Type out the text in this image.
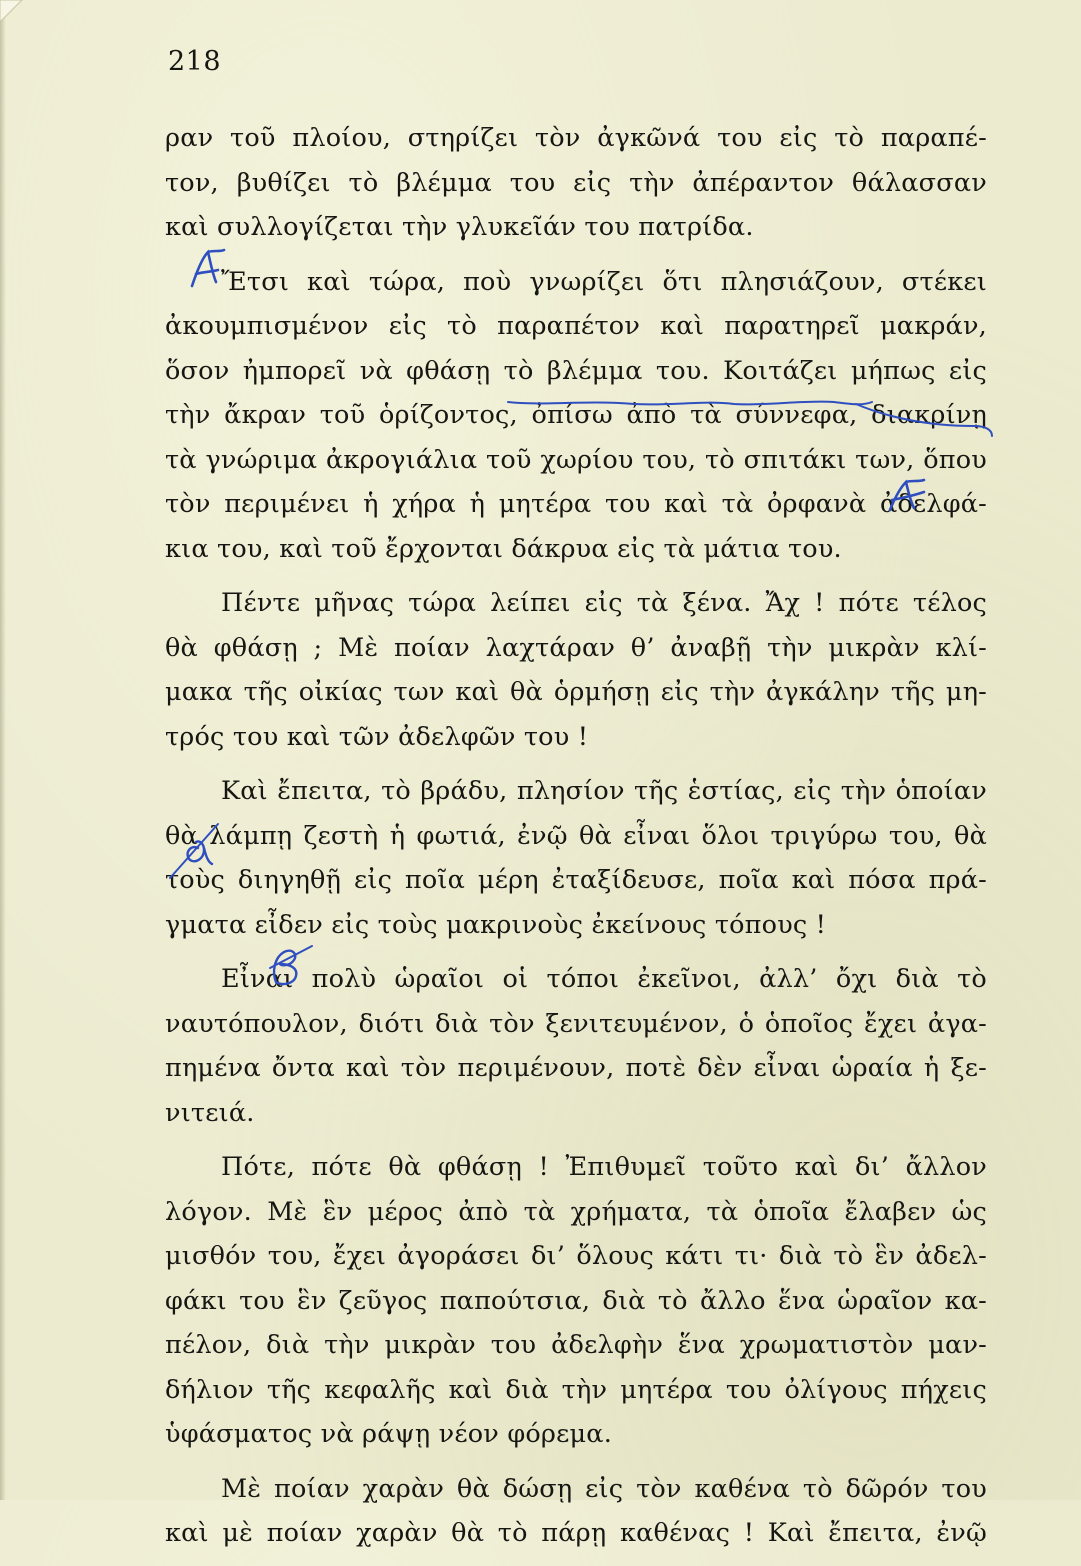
218
ραν τοῦ πλοίου, στηρίζει τὸν ἀγκῶνά του εἰς τὸ παραπέ-
τον, βυθίζει τὸ βλέμμα του εἰς τὴν ἀπέραντον θάλασσαν
καὶ συλλογίζεται τὴν γλυκεῖάν του πατρίδα.
Ἔτσι καὶ τώρα, ποὺ γνωρίζει ὅτι πλησιάζουν, στέκει
ἀκουμπισμένον εἰς τὸ παραπέτον καὶ παρατηρεῖ μακράν,
ὅσον ἠμπορεῖ νὰ φθάσῃ τὸ βλέμμα του. Κοιτάζει μήπως εἰς
τὴν ἄκραν τοῦ ὁρίζοντος, ὀπίσω ἀπὸ τὰ σύννεφα, διακρίνῃ
τὰ γνώριμα ἀκρογιάλια τοῦ χωρίου του, τὸ σπιτάκι των, ὅπου
τὸν περιμένει ἡ χήρα ἡ μητέρα του καὶ τὰ ὀρφανὰ ἀδελφά-
κια του, καὶ τοῦ ἔρχονται δάκρυα εἰς τὰ μάτια του.
Πέντε μῆνας τώρα λείπει εἰς τὰ ξένα. Ἄχ ! πότε τέλος
θὰ φθάσῃ ; Μὲ ποίαν λαχτάραν θ’ ἀναβῇ τὴν μικρὰν κλί-
μακα τῆς οἰκίας των καὶ θὰ ὁρμήσῃ εἰς τὴν ἀγκάλην τῆς μη-
τρός του καὶ τῶν ἀδελφῶν του !
Καὶ ἔπειτα, τὸ βράδυ, πλησίον τῆς ἑστίας, εἰς τὴν ὁποίαν
θὰ λάμπῃ ζεστὴ ἡ φωτιά, ἐνῷ θὰ εἶναι ὅλοι τριγύρω του, θὰ
τοὺς διηγηθῇ εἰς ποῖα μέρη ἐταξίδευσε, ποῖα καὶ πόσα πρά-
γματα εἶδεν εἰς τοὺς μακρινοὺς ἐκείνους τόπους !
Εἶναι πολὺ ὡραῖοι οἱ τόποι ἐκεῖνοι, ἀλλ’ ὄχι διὰ τὸ
ναυτόπουλον, διότι διὰ τὸν ξενιτευμένον, ὁ ὁποῖος ἔχει ἀγα-
πημένα ὄντα καὶ τὸν περιμένουν, ποτὲ δὲν εἶναι ὡραία ἡ ξε-
νιτειά.
Πότε, πότε θὰ φθάσῃ ! Ἐπιθυμεῖ τοῦτο καὶ δι’ ἄλλον
λόγον. Μὲ ἓν μέρος ἀπὸ τὰ χρήματα, τὰ ὁποῖα ἔλαβεν ὡς
μισθόν του, ἔχει ἀγοράσει δι’ ὅλους κάτι τι· διὰ τὸ ἓν ἀδελ-
φάκι του ἓν ζεῦγος παπούτσια, διὰ τὸ ἄλλο ἕνα ὡραῖον κα-
πέλον, διὰ τὴν μικρὰν του ἀδελφὴν ἕνα χρωματιστὸν μαν-
δήλιον τῆς κεφαλῆς καὶ διὰ τὴν μητέρα του ὀλίγους πήχεις
ὑφάσματος νὰ ράψῃ νέον φόρεμα.
Μὲ ποίαν χαρὰν θὰ δώσῃ εἰς τὸν καθένα τὸ δῶρόν του
καὶ μὲ ποίαν χαρὰν θὰ τὸ πάρῃ καθένας ! Καὶ ἔπειτα, ἐνῷ
